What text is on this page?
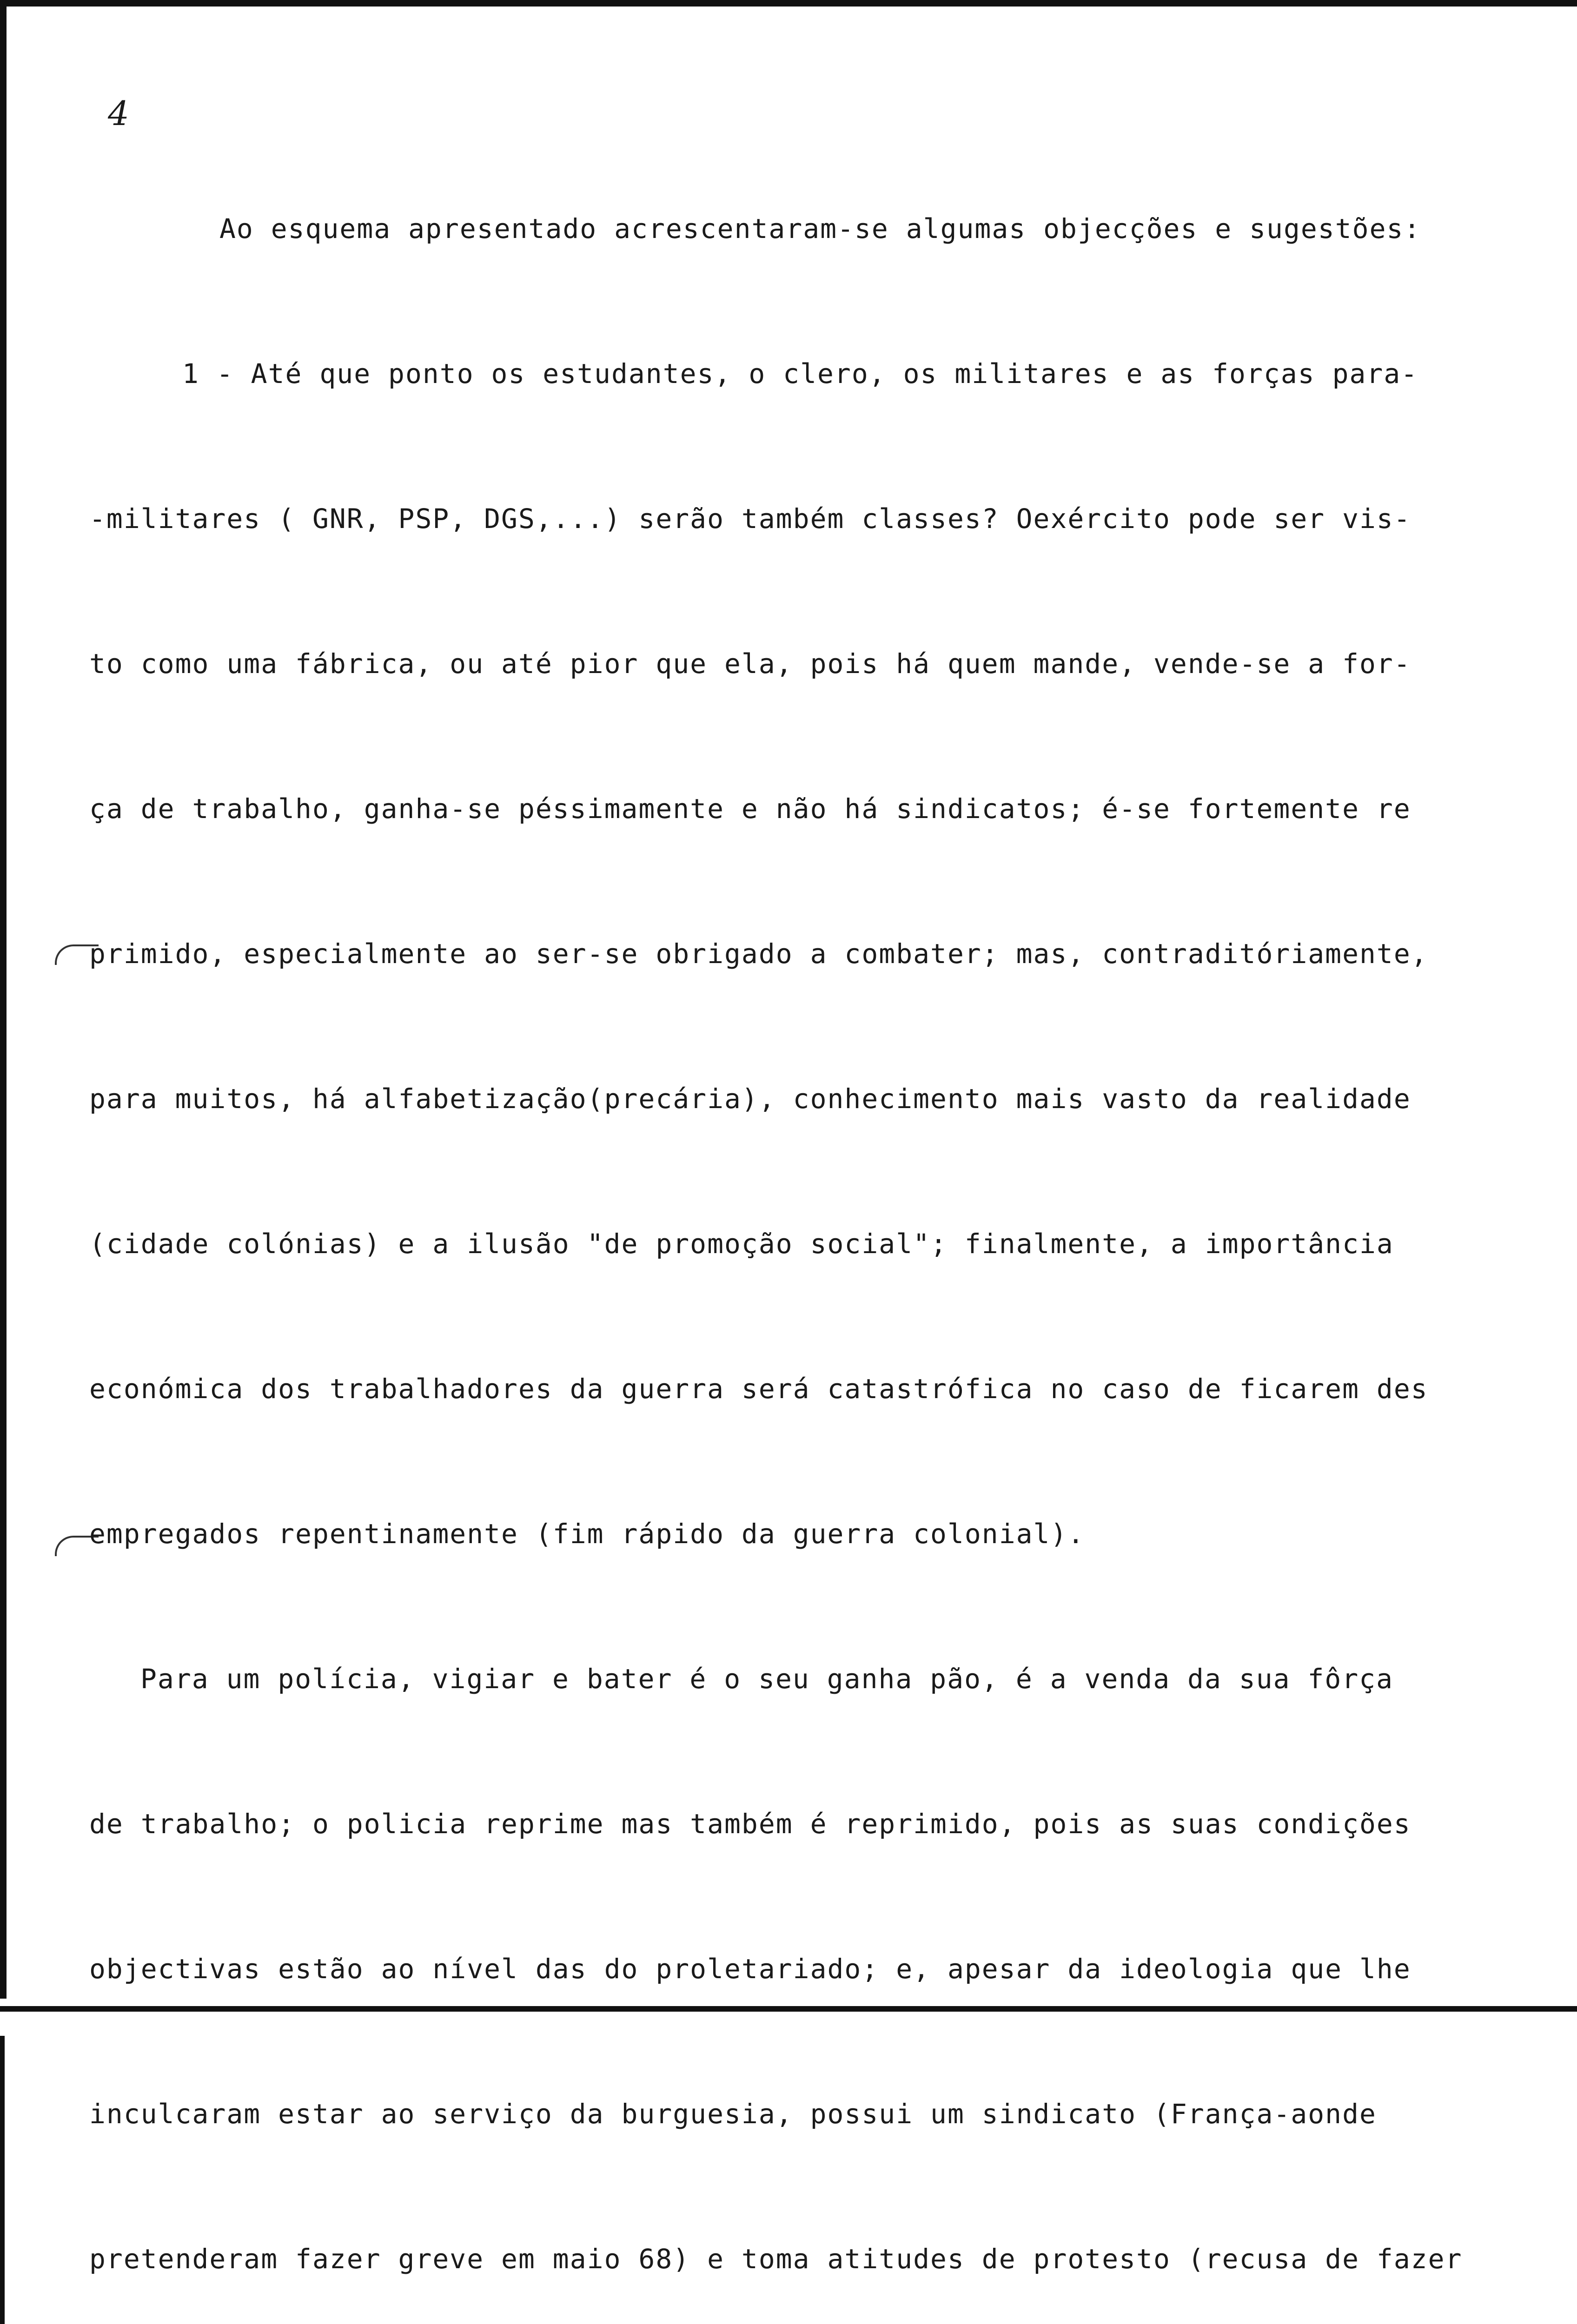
4

Ao esquema apresentado acrescentaram-se algumas objecções e sugestões:

1 - Até que ponto os estudantes, o clero, os militares e as forças para-

-militares ( GNR, PSP, DGS,...) serão também classes? Oexército pode ser vis-

to como uma fábrica, ou até pior que ela, pois há quem mande, vende-se a for-

ça de trabalho, ganha-se péssimamente e não há sindicatos; é-se fortemente re

primido, especialmente ao ser-se obrigado a combater; mas, contraditóriamente,

para muitos, há alfabetização(precária), conhecimento mais vasto da realidade

(cidade colónias) e a ilusão "de promoção social"; finalmente, a importância

económica dos trabalhadores da guerra será catastrófica no caso de ficarem des

empregados repentinamente (fim rápido da guerra colonial).

Para um polícia, vigiar e bater é o seu ganha pão, é a venda da sua fôrça

de trabalho; o policia reprime mas também é reprimido, pois as suas condições

objectivas estão ao nível das do proletariado; e, apesar da ideologia que lhe

inculcaram estar ao serviço da burguesia, possui um sindicato (França-aonde

pretenderam fazer greve em maio 68) e toma atitudes de protesto (recusa de fazer
